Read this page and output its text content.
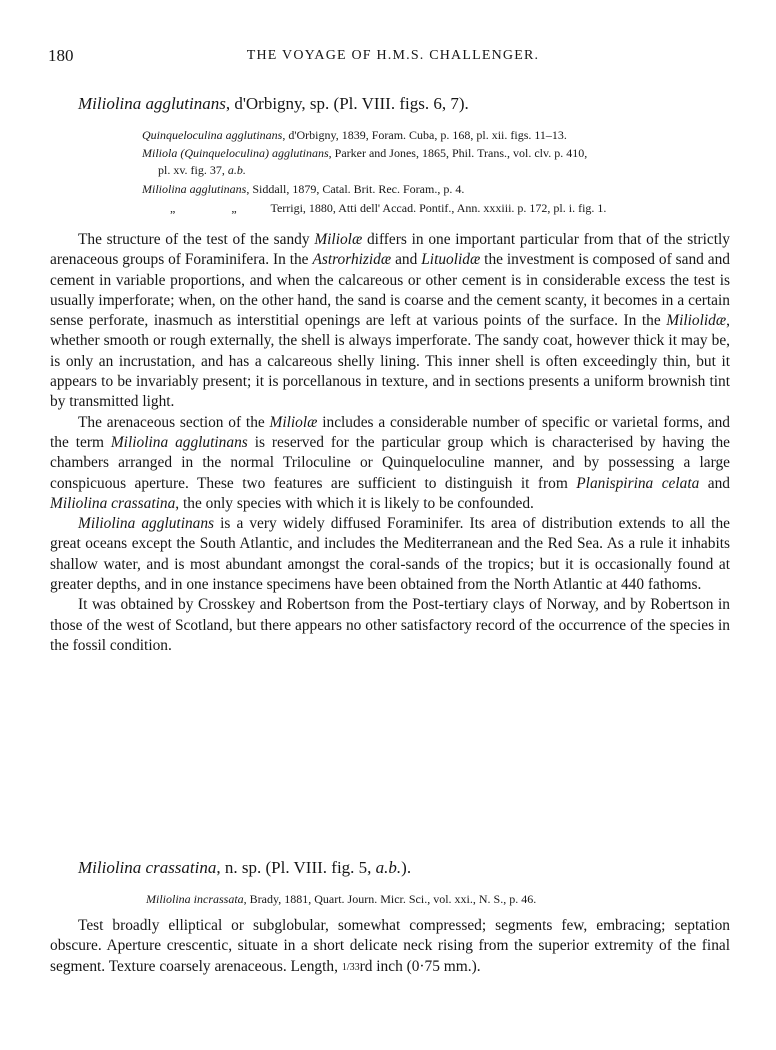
180	THE VOYAGE OF H.M.S. CHALLENGER.
Miliolina agglutinans, d'Orbigny, sp. (Pl. VIII. figs. 6, 7).
Quinqueloculina agglutinans, d'Orbigny, 1839, Foram. Cuba, p. 168, pl. xii. figs. 11–13.
Miliola (Quinqueloculina) agglutinans, Parker and Jones, 1865, Phil. Trans., vol. clv. p. 410,
pl. xv. fig. 37, a.b.
Miliolina agglutinans, Siddall, 1879, Catal. Brit. Rec. Foram., p. 4.
„	„	Terrigi, 1880, Atti dell' Accad. Pontif., Ann. xxxiii. p. 172, pl. i. fig. 1.

The structure of the test of the sandy Miliolæ differs in one important particular from that of the strictly arenaceous groups of Foraminifera. In the Astrorhizidæ and Lituolidæ the investment is composed of sand and cement in variable proportions, and when the calcareous or other cement is in considerable excess the test is usually imperforate; when, on the other hand, the sand is coarse and the cement scanty, it becomes in a certain sense perforate, inasmuch as interstitial openings are left at various points of the surface. In the Miliolidæ, whether smooth or rough externally, the shell is always imperforate. The sandy coat, however thick it may be, is only an incrustation, and has a calcareous shelly lining. This inner shell is often exceedingly thin, but it appears to be invariably present; it is porcellanous in texture, and in sections presents a uniform brownish tint by transmitted light.

The arenaceous section of the Miliolæ includes a considerable number of specific or varietal forms, and the term Miliolina agglutinans is reserved for the particular group which is characterised by having the chambers arranged in the normal Triloculine or Quinqueloculine manner, and by possessing a large conspicuous aperture. These two features are sufficient to distinguish it from Planispirina celata and Miliolina crassatina, the only species with which it is likely to be confounded.

Miliolina agglutinans is a very widely diffused Foraminifer. Its area of distribution extends to all the great oceans except the South Atlantic, and includes the Mediterranean and the Red Sea. As a rule it inhabits shallow water, and is most abundant amongst the coral-sands of the tropics; but it is occasionally found at greater depths, and in one instance specimens have been obtained from the North Atlantic at 440 fathoms.

It was obtained by Crosskey and Robertson from the Post-tertiary clays of Norway, and by Robertson in those of the west of Scotland, but there appears no other satisfactory record of the occurrence of the species in the fossil condition.

Miliolina crassatina, n. sp. (Pl. VIII. fig. 5, a.b.).
Miliolina incrassata, Brady, 1881, Quart. Journ. Micr. Sci., vol. xxi., N. S., p. 46.

Test broadly elliptical or subglobular, somewhat compressed; segments few, embracing; septation obscure. Aperture crescentic, situate in a short delicate neck rising from the superior extremity of the final segment. Texture coarsely arenaceous. Length, 1/33rd inch (0·75 mm.).
